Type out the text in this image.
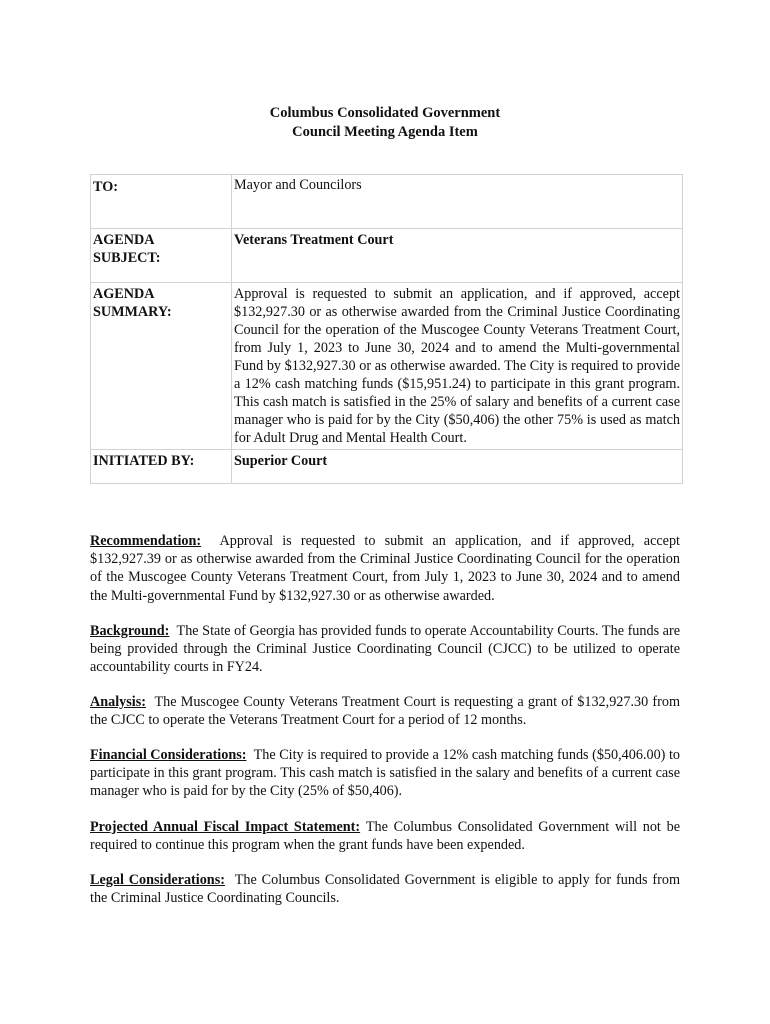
Columbus Consolidated Government
Council Meeting Agenda Item
TO:	Mayor and Councilors
AGENDA SUBJECT:	Veterans Treatment Court
AGENDA SUMMARY:	Approval is requested to submit an application, and if approved, accept $132,927.30 or as otherwise awarded from the Criminal Justice Coordinating Council for the operation of the Muscogee County Veterans Treatment Court, from July 1, 2023 to June 30, 2024 and to amend the Multi-governmental Fund by $132,927.30 or as otherwise awarded. The City is required to provide a 12% cash matching funds ($15,951.24) to participate in this grant program. This cash match is satisfied in the 25% of salary and benefits of a current case manager who is paid for by the City ($50,406) the other 75% is used as match for Adult Drug and Mental Health Court.
INITIATED BY:	Superior Court
Recommendation: Approval is requested to submit an application, and if approved, accept $132,927.39 or as otherwise awarded from the Criminal Justice Coordinating Council for the operation of the Muscogee County Veterans Treatment Court, from July 1, 2023 to June 30, 2024 and to amend the Multi-governmental Fund by $132,927.30 or as otherwise awarded.
Background: The State of Georgia has provided funds to operate Accountability Courts. The funds are being provided through the Criminal Justice Coordinating Council (CJCC) to be utilized to operate accountability courts in FY24.
Analysis: The Muscogee County Veterans Treatment Court is requesting a grant of $132,927.30 from the CJCC to operate the Veterans Treatment Court for a period of 12 months.
Financial Considerations: The City is required to provide a 12% cash matching funds ($50,406.00) to participate in this grant program. This cash match is satisfied in the salary and benefits of a current case manager who is paid for by the City (25% of $50,406).
Projected Annual Fiscal Impact Statement: The Columbus Consolidated Government will not be required to continue this program when the grant funds have been expended.
Legal Considerations: The Columbus Consolidated Government is eligible to apply for funds from the Criminal Justice Coordinating Councils.
